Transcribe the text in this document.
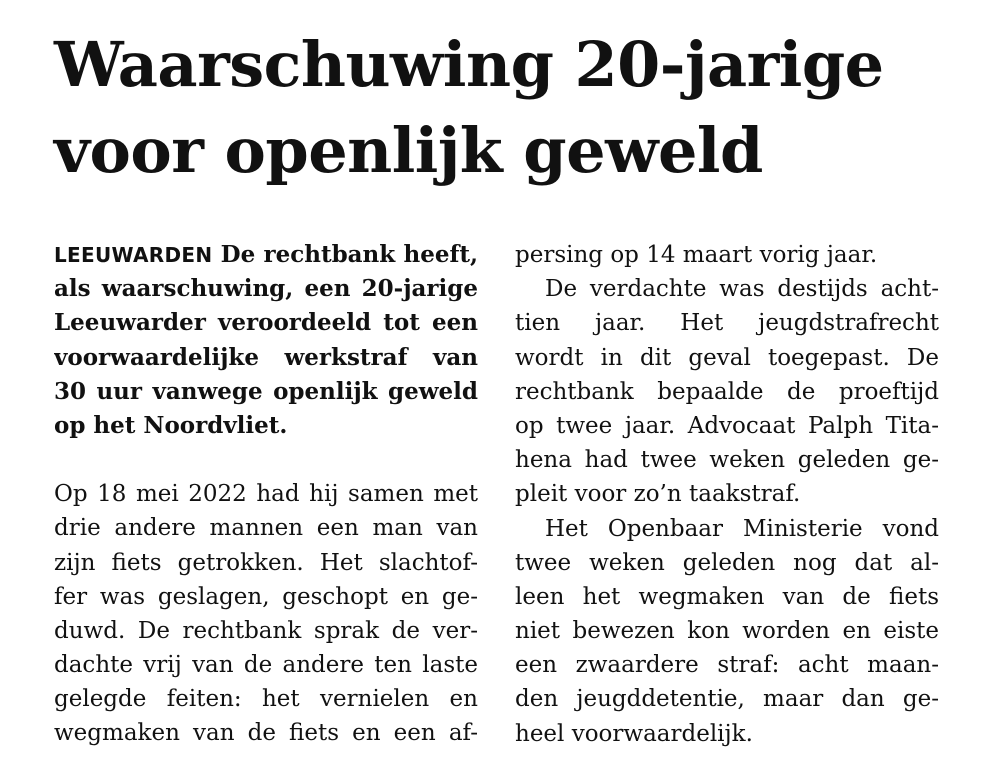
Waarschuwing 20-jarige
voor openlijk geweld
LEEUWARDEN De rechtbank heeft,
als waarschuwing, een 20-jarige
Leeuwarder veroordeeld tot een
voorwaardelijke werkstraf van
30 uur vanwege openlijk geweld
op het Noordvliet.
Op 18 mei 2022 had hij samen met
drie andere mannen een man van
zijn fiets getrokken. Het slachtof-
fer was geslagen, geschopt en ge-
duwd. De rechtbank sprak de ver-
dachte vrij van de andere ten laste
gelegde feiten: het vernielen en
wegmaken van de fiets en een af-
persing op 14 maart vorig jaar.
De verdachte was destijds acht-
tien jaar. Het jeugdstrafrecht
wordt in dit geval toegepast. De
rechtbank bepaalde de proeftijd
op twee jaar. Advocaat Palph Tita-
hena had twee weken geleden ge-
pleit voor zo’n taakstraf.
Het Openbaar Ministerie vond
twee weken geleden nog dat al-
leen het wegmaken van de fiets
niet bewezen kon worden en eiste
een zwaardere straf: acht maan-
den jeugddetentie, maar dan ge-
heel voorwaardelijk.
